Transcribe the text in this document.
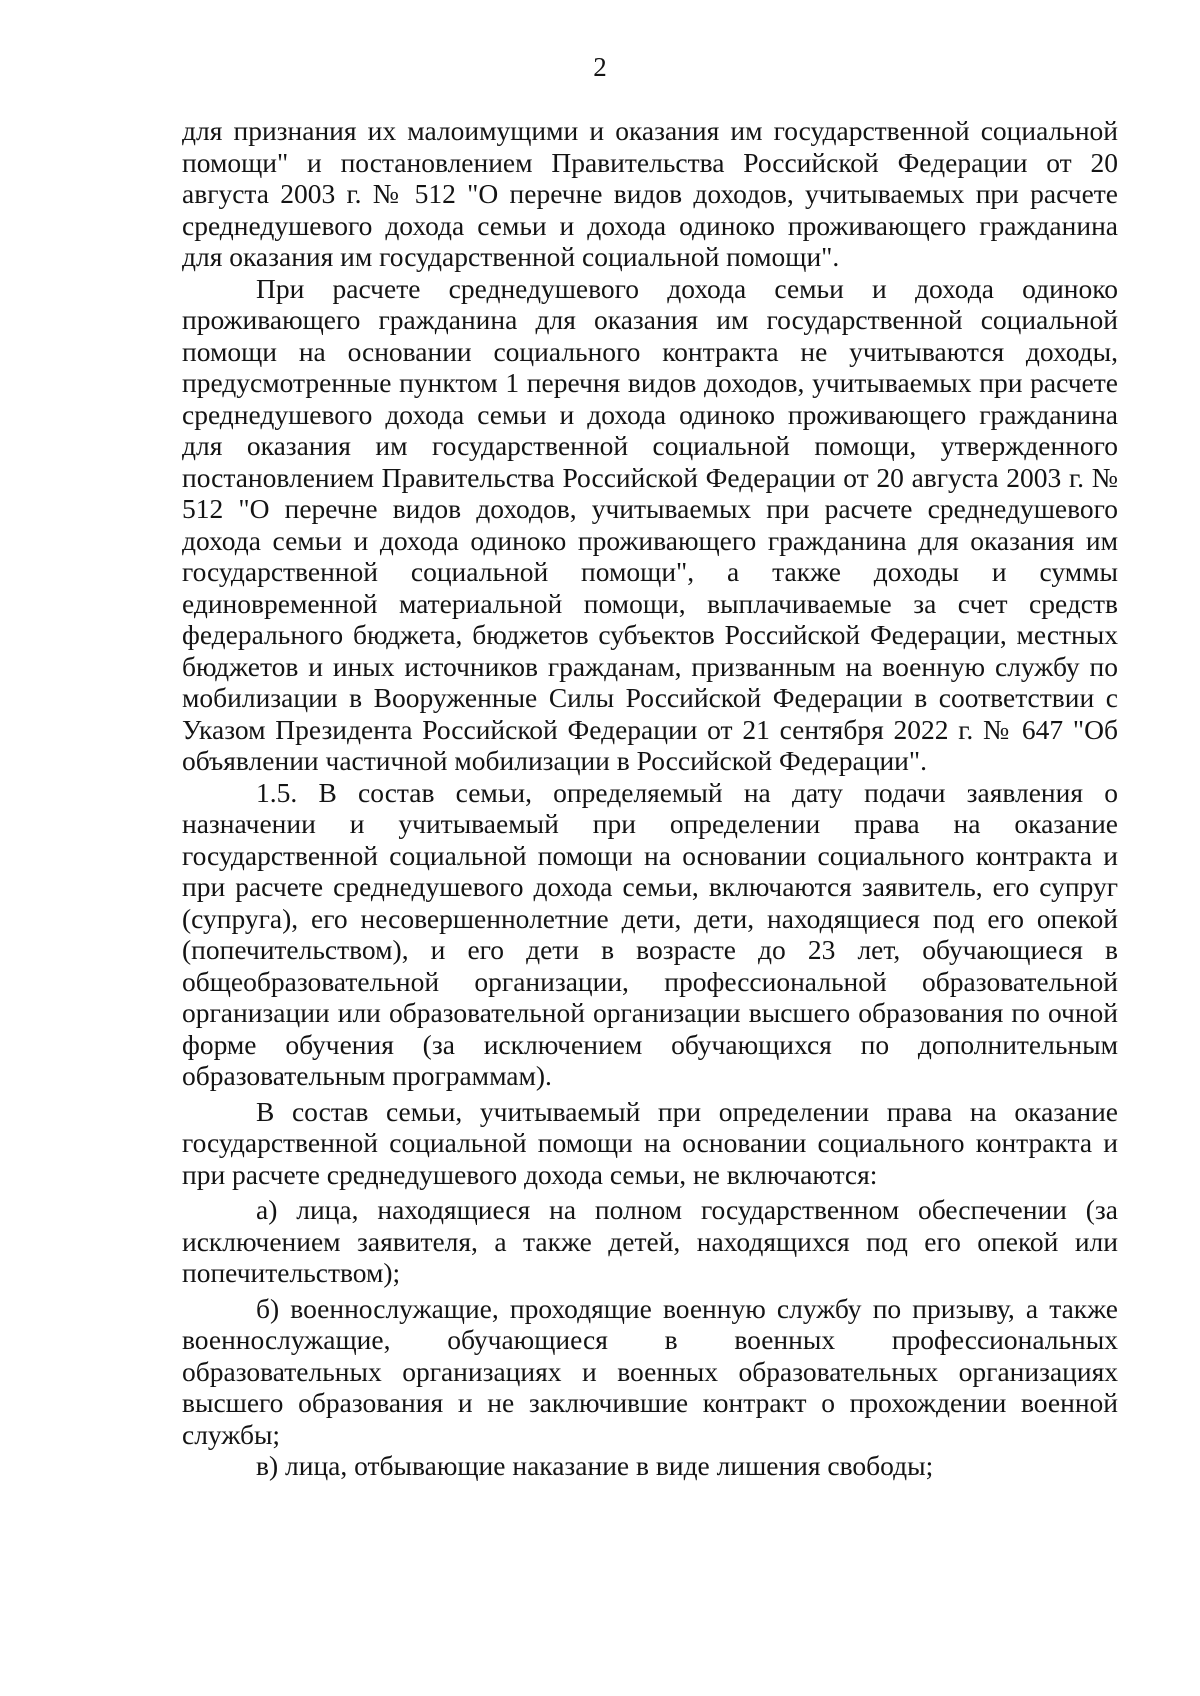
2

для признания их малоимущими и оказания им государственной социальной помощи" и постановлением Правительства Российской Федерации от 20 августа 2003 г. № 512 "О перечне видов доходов, учитываемых при расчете среднедушевого дохода семьи и дохода одиноко проживающего гражданина для оказания им государственной социальной помощи".

При расчете среднедушевого дохода семьи и дохода одиноко проживающего гражданина для оказания им государственной социальной помощи на основании социального контракта не учитываются доходы, предусмотренные пунктом 1 перечня видов доходов, учитываемых при расчете среднедушевого дохода семьи и дохода одиноко проживающего гражданина для оказания им государственной социальной помощи, утвержденного постановлением Правительства Российской Федерации от 20 августа 2003 г. № 512 "О перечне видов доходов, учитываемых при расчете среднедушевого дохода семьи и дохода одиноко проживающего гражданина для оказания им государственной социальной помощи", а также доходы и суммы единовременной материальной помощи, выплачиваемые за счет средств федерального бюджета, бюджетов субъектов Российской Федерации, местных бюджетов и иных источников гражданам, призванным на военную службу по мобилизации в Вооруженные Силы Российской Федерации в соответствии с Указом Президента Российской Федерации от 21 сентября 2022 г. № 647 "Об объявлении частичной мобилизации в Российской Федерации".

1.5. В состав семьи, определяемый на дату подачи заявления о назначении и учитываемый при определении права на оказание государственной социальной помощи на основании социального контракта и при расчете среднедушевого дохода семьи, включаются заявитель, его супруг (супруга), его несовершеннолетние дети, дети, находящиеся под его опекой (попечительством), и его дети в возрасте до 23 лет, обучающиеся в общеобразовательной организации, профессиональной образовательной организации или образовательной организации высшего образования по очной форме обучения (за исключением обучающихся по дополнительным образовательным программам).

В состав семьи, учитываемый при определении права на оказание государственной социальной помощи на основании социального контракта и при расчете среднедушевого дохода семьи, не включаются:

а) лица, находящиеся на полном государственном обеспечении (за исключением заявителя, а также детей, находящихся под его опекой или попечительством);

б) военнослужащие, проходящие военную службу по призыву, а также военнослужащие, обучающиеся в военных профессиональных образовательных организациях и военных образовательных организациях высшего образования и не заключившие контракт о прохождении военной службы;

в) лица, отбывающие наказание в виде лишения свободы;
